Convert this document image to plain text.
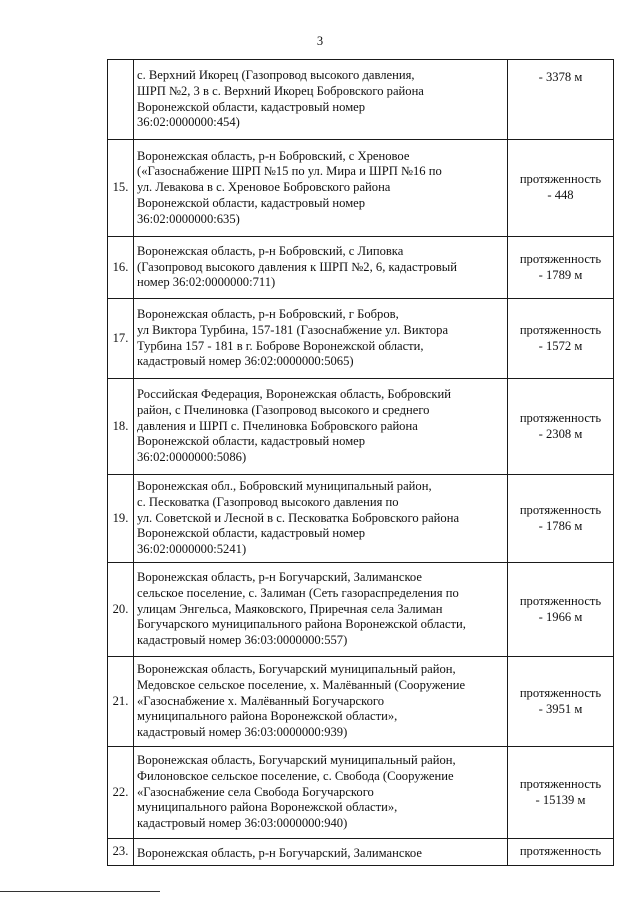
3
	с. Верхний Икорец (Газопровод высокого давления,
ШРП №2, 3 в с. Верхний Икорец Бобровского района
Воронежской области, кадастровый номер
36:02:0000000:454)	- 3378 м
15.	Воронежская область, р-н Бобровский, с Хреновое
(«Газоснабжение ШРП №15 по ул. Мира и ШРП №16 по
ул. Левакова в с. Хреновое Бобровского района
Воронежской области, кадастровый номер
36:02:0000000:635)	протяженность
- 448
16.	Воронежская область, р-н Бобровский, с Липовка
(Газопровод высокого давления к ШРП №2, 6, кадастровый
номер 36:02:0000000:711)	протяженность
- 1789 м
17.	Воронежская область, р-н Бобровский, г Бобров,
ул Виктора Турбина, 157-181 (Газоснабжение ул. Виктора
Турбина 157 - 181 в г. Боброве Воронежской области,
кадастровый номер 36:02:0000000:5065)	протяженность
- 1572 м
18.	Российская Федерация, Воронежская область, Бобровский
район, с Пчелиновка (Газопровод высокого и среднего
давления и ШРП с. Пчелиновка Бобровского района
Воронежской области, кадастровый номер
36:02:0000000:5086)	протяженность
- 2308 м
19.	Воронежская обл., Бобровский муниципальный район,
с. Песковатка (Газопровод высокого давления по
ул. Советской и Лесной в с. Песковатка Бобровского района
Воронежской области, кадастровый номер
36:02:0000000:5241)	протяженность
- 1786 м
20.	Воронежская область, р-н Богучарский, Залиманское
сельское поселение, с. Залиман (Сеть газораспределения по
улицам Энгельса, Маяковского, Приречная села Залиман
Богучарского муниципального района Воронежской области,
кадастровый номер 36:03:0000000:557)	протяженность
- 1966 м
21.	Воронежская область, Богучарский муниципальный район,
Медовское сельское поселение, х. Малёванный (Сооружение
«Газоснабжение х. Малёванный Богучарского
муниципального района Воронежской области»,
кадастровый номер 36:03:0000000:939)	протяженность
- 3951 м
22.	Воронежская область, Богучарский муниципальный район,
Филоновское сельское поселение, с. Свобода (Сооружение
«Газоснабжение села Свобода Богучарского
муниципального района Воронежской области»,
кадастровый номер 36:03:0000000:940)	протяженность
- 15139 м
23.	Воронежская область, р-н Богучарский, Залиманское	протяженность
